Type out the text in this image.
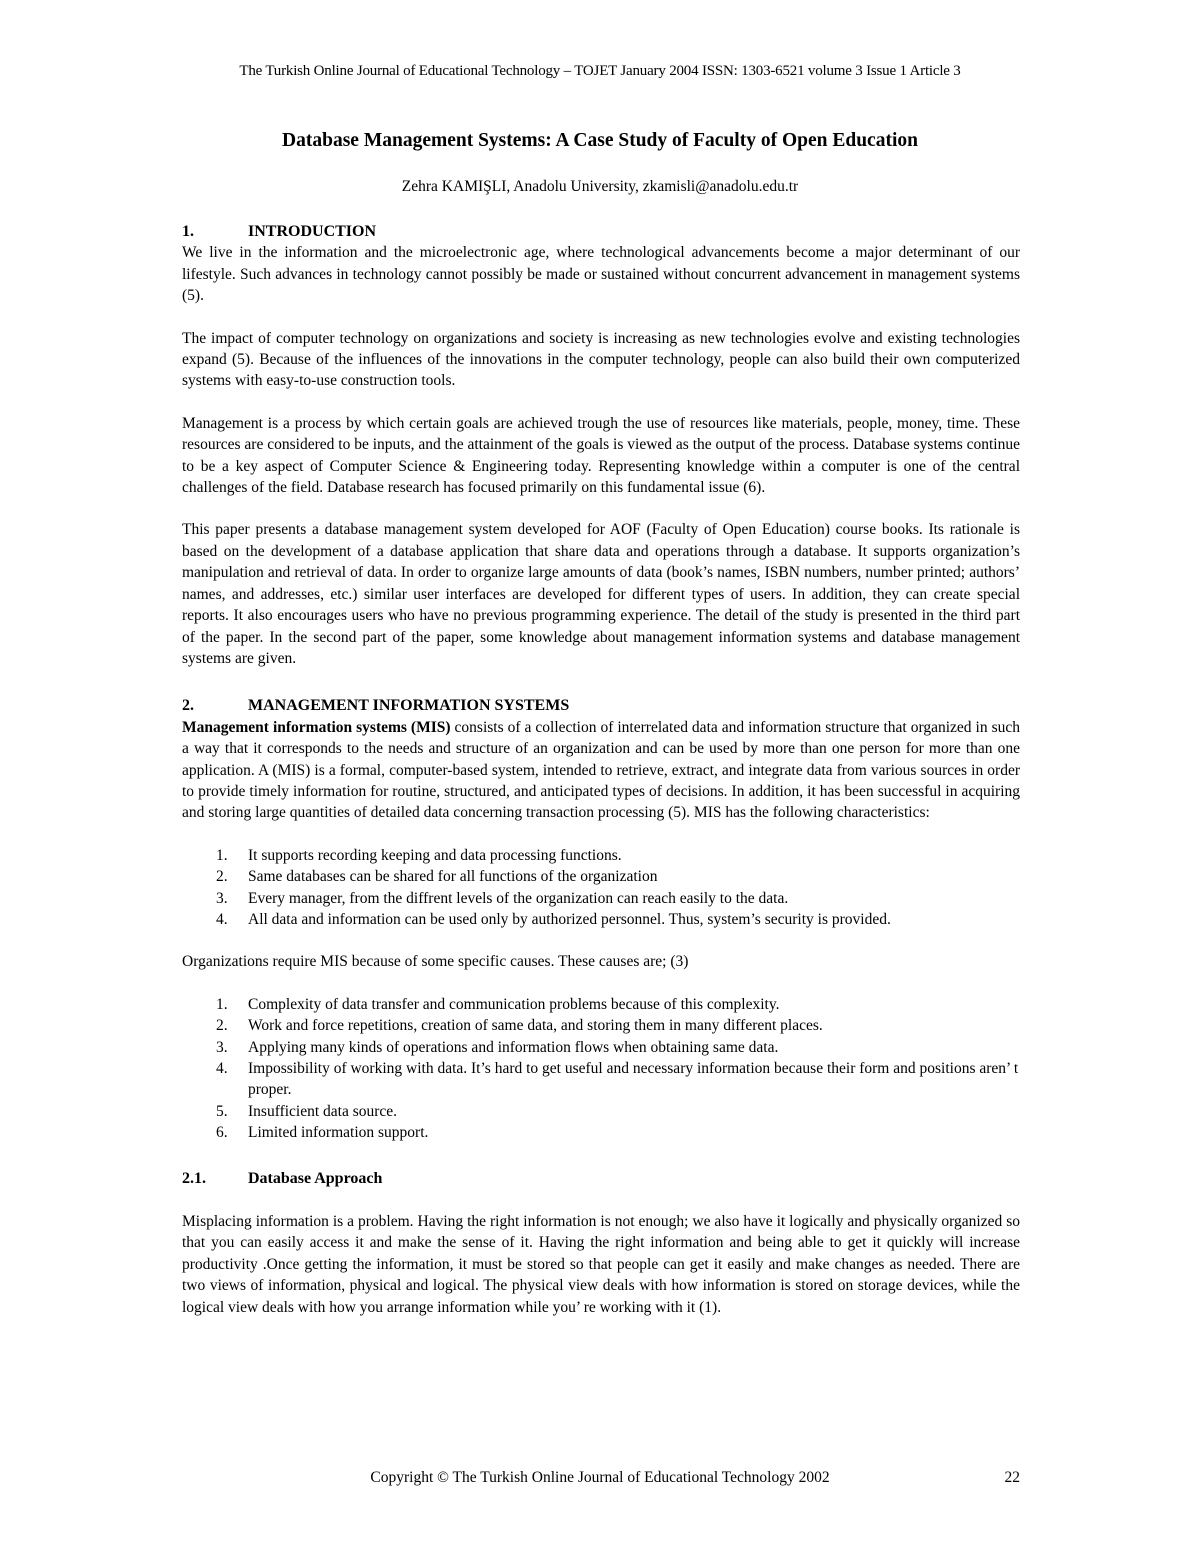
The Turkish Online Journal of Educational Technology – TOJET January 2004 ISSN: 1303-6521 volume 3 Issue 1 Article 3
Database Management Systems: A Case Study of Faculty of Open Education
Zehra KAMIŞLI, Anadolu University, zkamisli@anadolu.edu.tr
1.	INTRODUCTION

We live in the information and the microelectronic age, where technological advancements become a major determinant of our lifestyle. Such advances in technology cannot possibly be made or sustained without concurrent advancement in management systems (5).

The impact of computer technology on organizations and society is increasing as new technologies evolve and existing technologies expand (5). Because of the influences of the innovations in the computer technology, people can also build their own computerized systems with easy-to-use construction tools.

Management is a process by which certain goals are achieved trough the use of resources like materials, people, money, time. These resources are considered to be inputs, and the attainment of the goals is viewed as the output of the process. Database systems continue to be a key aspect of Computer Science & Engineering today. Representing knowledge within a computer is one of the central challenges of the field. Database research has focused primarily on this fundamental issue (6).

This paper presents a database management system developed for AOF (Faculty of Open Education) course books. Its rationale is based on the development of a database application that share data and operations through a database. It supports organization’s manipulation and retrieval of data. In order to organize large amounts of data (book’s names, ISBN numbers, number printed; authors’ names, and addresses, etc.) similar user interfaces are developed for different types of users. In addition, they can create special reports. It also encourages users who have no previous programming experience. The detail of the study is presented in the third part of the paper. In the second part of the paper, some knowledge about management information systems and database management systems are given.

2.	MANAGEMENT INFORMATION SYSTEMS

Management information systems (MIS) consists of a collection of interrelated data and information structure that organized in such a way that it corresponds to the needs and structure of an organization and can be used by more than one person for more than one application. A (MIS) is a formal, computer-based system, intended to retrieve, extract, and integrate data from various sources in order to provide timely information for routine, structured, and anticipated types of decisions. In addition, it has been successful in acquiring and storing large quantities of detailed data concerning transaction processing (5). MIS has the following characteristics:

1.	It supports recording keeping and data processing functions.
2.	Same databases can be shared for all functions of the organization
3.	Every manager, from the diffrent levels of the organization can reach easily to the data.
4.	All data and information can be used only by authorized personnel. Thus, system’s security is provided.

Organizations require MIS because of some specific causes. These causes are; (3)

1.	Complexity of data transfer and communication problems because of this complexity.
2.	Work and force repetitions, creation of same data, and storing them in many different places.
3.	Applying many kinds of operations and information flows when obtaining same data.
4.	Impossibility of working with data. It’s hard to get useful and necessary information because their form and positions aren’ t proper.
5.	Insufficient data source.
6.	Limited information support.
2.1.	Database Approach

Misplacing information is a problem. Having the right information is not enough; we also have it logically and physically organized so that you can easily access it and make the sense of it. Having the right information and being able to get it quickly will increase productivity .Once getting the information, it must be stored so that people can get it easily and make changes as needed. There are two views of information, physical and logical. The physical view deals with how information is stored on storage devices, while the logical view deals with how you arrange information while you’ re working with it (1).

Copyright © The Turkish Online Journal of Educational Technology 2002	22
